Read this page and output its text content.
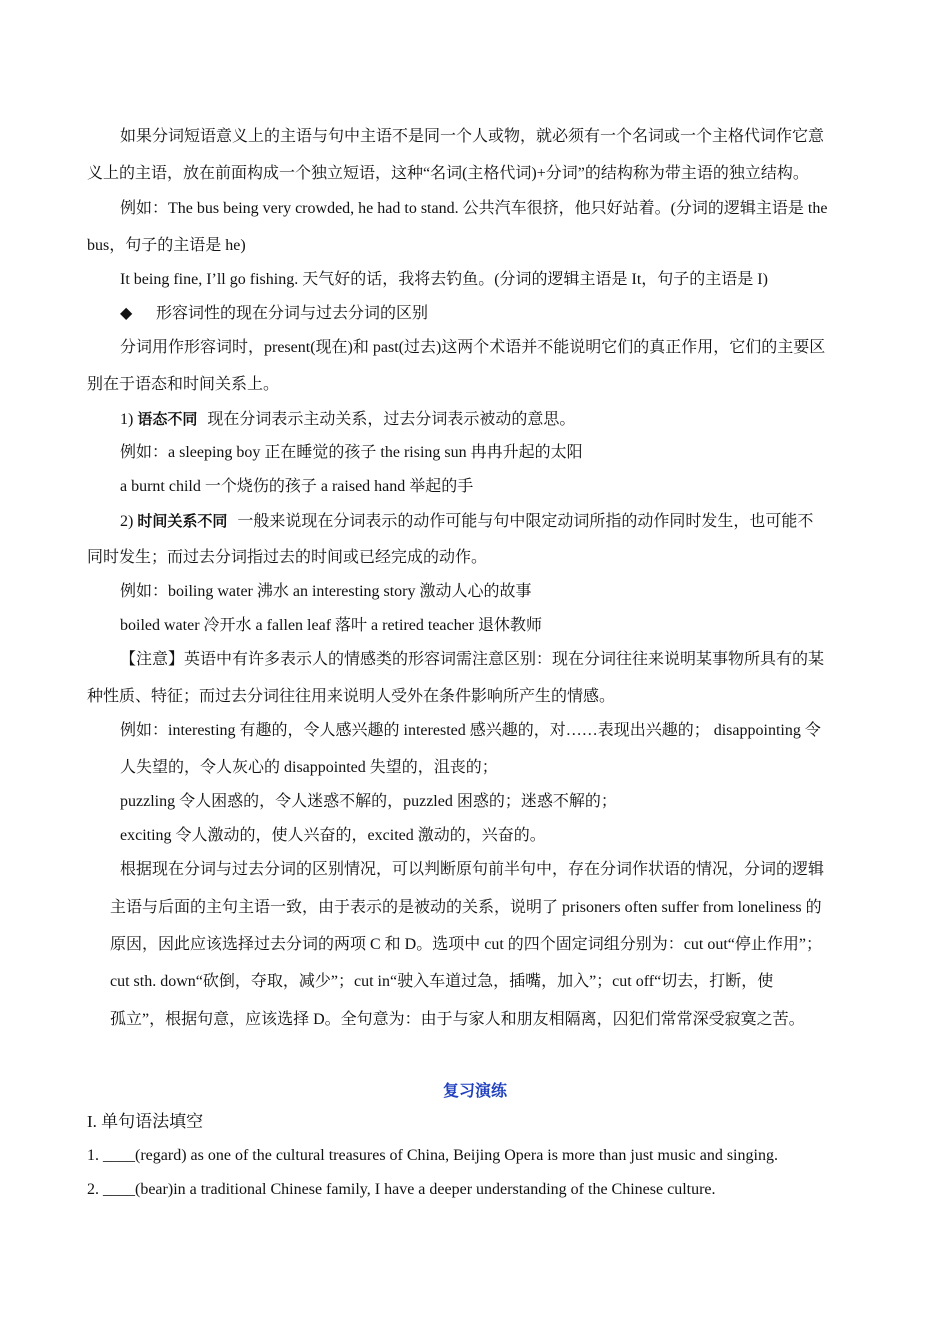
如果分词短语意义上的主语与句中主语不是同一个人或物，就必须有一个名词或一个主格代词作它意
义上的主语，放在前面构成一个独立短语，这种“名词(主格代词)+分词”的结构称为带主语的独立结构。
例如：The bus being very crowded, he had to stand. 公共汽车很挤，他只好站着。(分词的逻辑主语是 the
bus，句子的主语是 he)
It being fine, I’ll go fishing. 天气好的话，我将去钓鱼。(分词的逻辑主语是 It，句子的主语是 I)
◆ 形容词性的现在分词与过去分词的区别
分词用作形容词时，present(现在)和 past(过去)这两个术语并不能说明它们的真正作用，它们的主要区
别在于语态和时间关系上。
1) 语态不同 现在分词表示主动关系，过去分词表示被动的意思。
例如：a sleeping boy 正在睡觉的孩子 the rising sun 冉冉升起的太阳
a burnt child 一个烧伤的孩子 a raised hand 举起的手
2) 时间关系不同 一般来说现在分词表示的动作可能与句中限定动词所指的动作同时发生，也可能不
同时发生；而过去分词指过去的时间或已经完成的动作。
例如：boiling water 沸水 an interesting story 激动人心的故事
boiled water 冷开水 a fallen leaf 落叶 a retired teacher 退休教师
【注意】英语中有许多表示人的情感类的形容词需注意区别：现在分词往往来说明某事物所具有的某
种性质、特征；而过去分词往往用来说明人受外在条件影响所产生的情感。
例如：interesting 有趣的，令人感兴趣的 interested 感兴趣的，对……表现出兴趣的； disappointing 令
人失望的，令人灰心的 disappointed 失望的，沮丧的；
puzzling 令人困惑的，令人迷惑不解的，puzzled 困惑的；迷惑不解的；
exciting 令人激动的，使人兴奋的，excited 激动的，兴奋的。
根据现在分词与过去分词的区别情况，可以判断原句前半句中，存在分词作状语的情况，分词的逻辑
主语与后面的主句主语一致，由于表示的是被动的关系，说明了 prisoners often suffer from loneliness 的
原因，因此应该选择过去分词的两项 C 和 D。选项中 cut 的四个固定词组分别为：cut out“停止作用”；
cut sth. down“砍倒，夺取，减少”；cut in“驶入车道过急，插嘴，加入”；cut off“切去，打断，使
孤立”，根据句意，应该选择 D。全句意为：由于与家人和朋友相隔离，囚犯们常常深受寂寞之苦。
复习演练
I. 单句语法填空
1. ____(regard) as one of the cultural treasures of China, Beijing Opera is more than just music and singing.
2. ____(bear)in a traditional Chinese family, I have a deeper understanding of the Chinese culture.
